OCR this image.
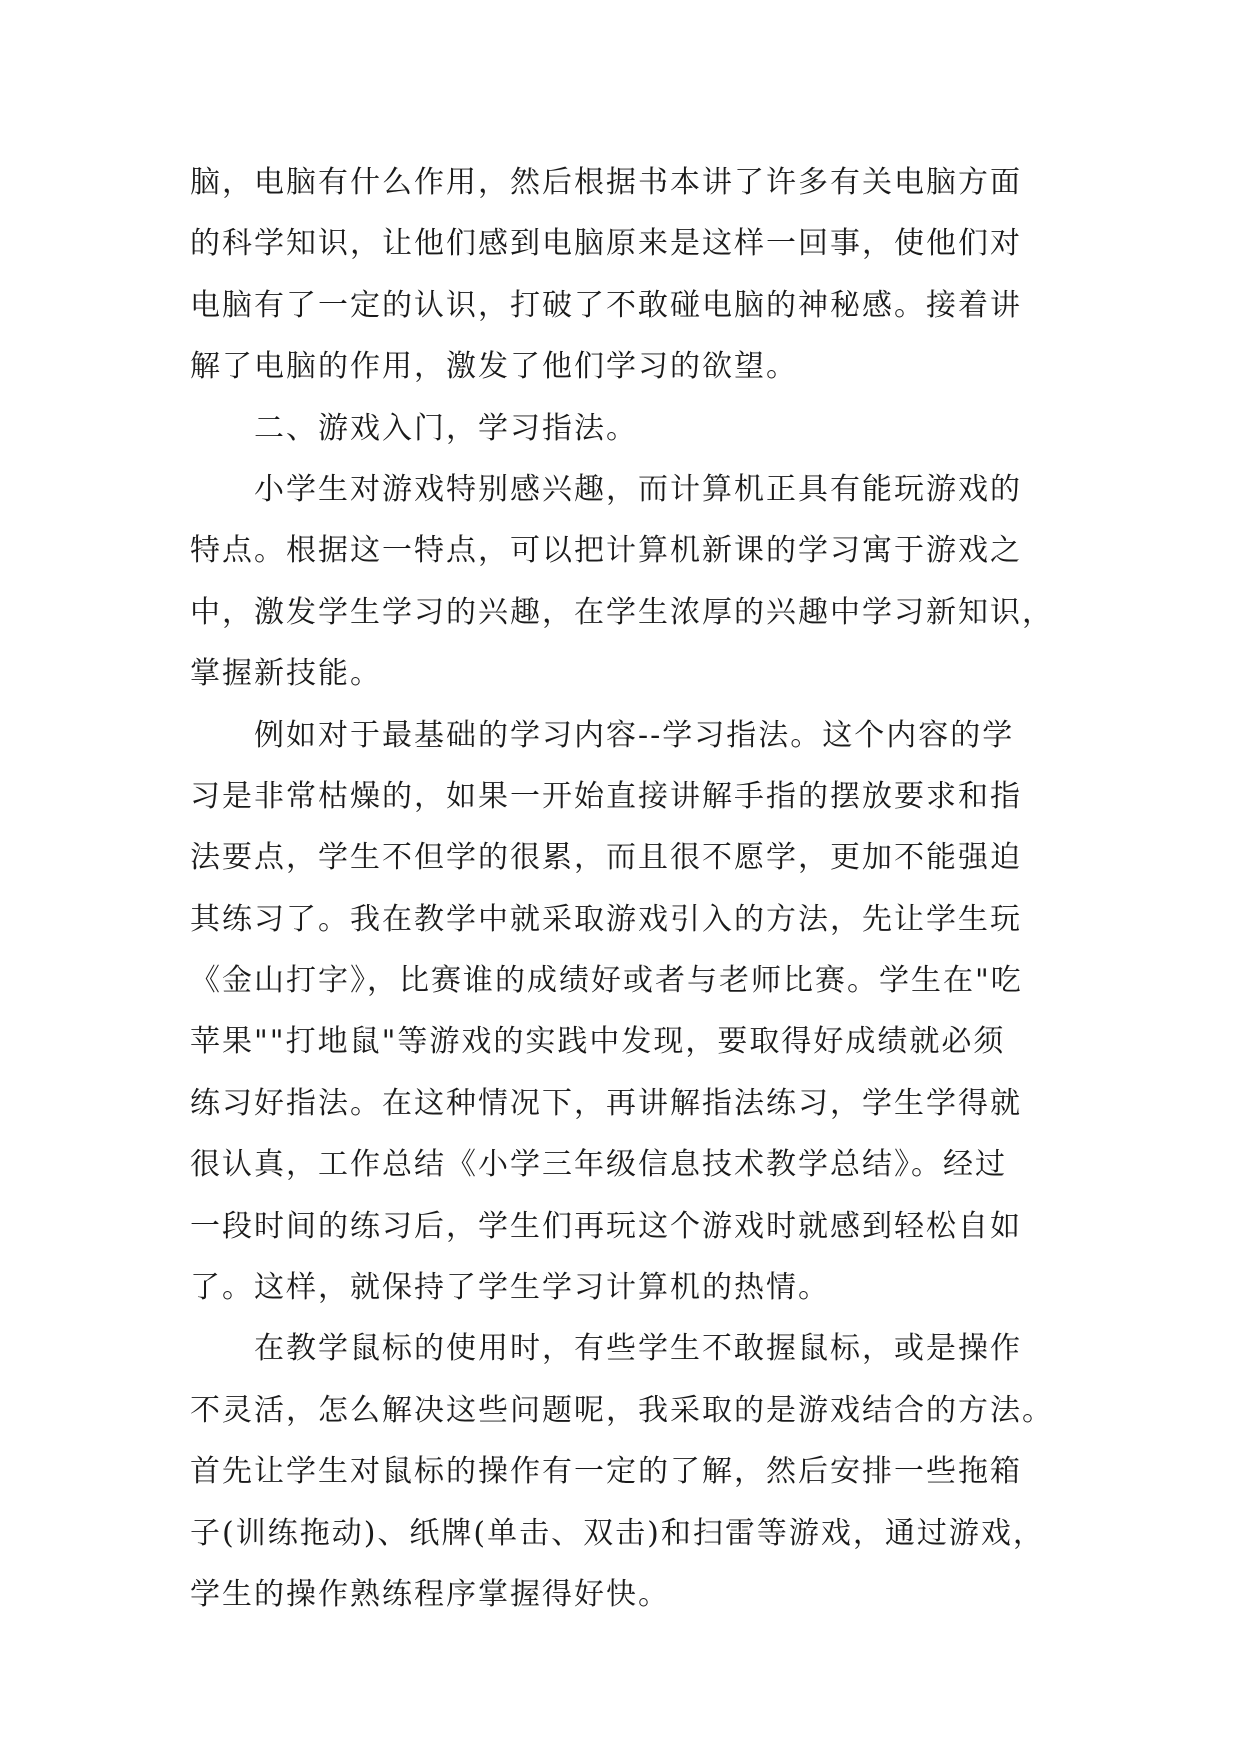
脑，电脑有什么作用，然后根据书本讲了许多有关电脑方面
的科学知识，让他们感到电脑原来是这样一回事，使他们对
电脑有了一定的认识，打破了不敢碰电脑的神秘感。接着讲
解了电脑的作用，激发了他们学习的欲望。
二、游戏入门，学习指法。
小学生对游戏特别感兴趣，而计算机正具有能玩游戏的
特点。根据这一特点，可以把计算机新课的学习寓于游戏之
中，激发学生学习的兴趣，在学生浓厚的兴趣中学习新知识，
掌握新技能。
例如对于最基础的学习内容--学习指法。这个内容的学
习是非常枯燥的，如果一开始直接讲解手指的摆放要求和指
法要点，学生不但学的很累，而且很不愿学，更加不能强迫
其练习了。我在教学中就采取游戏引入的方法，先让学生玩
《金山打字》，比赛谁的成绩好或者与老师比赛。学生在"吃
苹果""打地鼠"等游戏的实践中发现，要取得好成绩就必须
练习好指法。在这种情况下，再讲解指法练习，学生学得就
很认真，工作总结《小学三年级信息技术教学总结》。经过
一段时间的练习后，学生们再玩这个游戏时就感到轻松自如
了。这样，就保持了学生学习计算机的热情。
在教学鼠标的使用时，有些学生不敢握鼠标，或是操作
不灵活，怎么解决这些问题呢，我采取的是游戏结合的方法。
首先让学生对鼠标的操作有一定的了解，然后安排一些拖箱
子(训练拖动)、纸牌(单击、双击)和扫雷等游戏，通过游戏，
学生的操作熟练程序掌握得好快。
